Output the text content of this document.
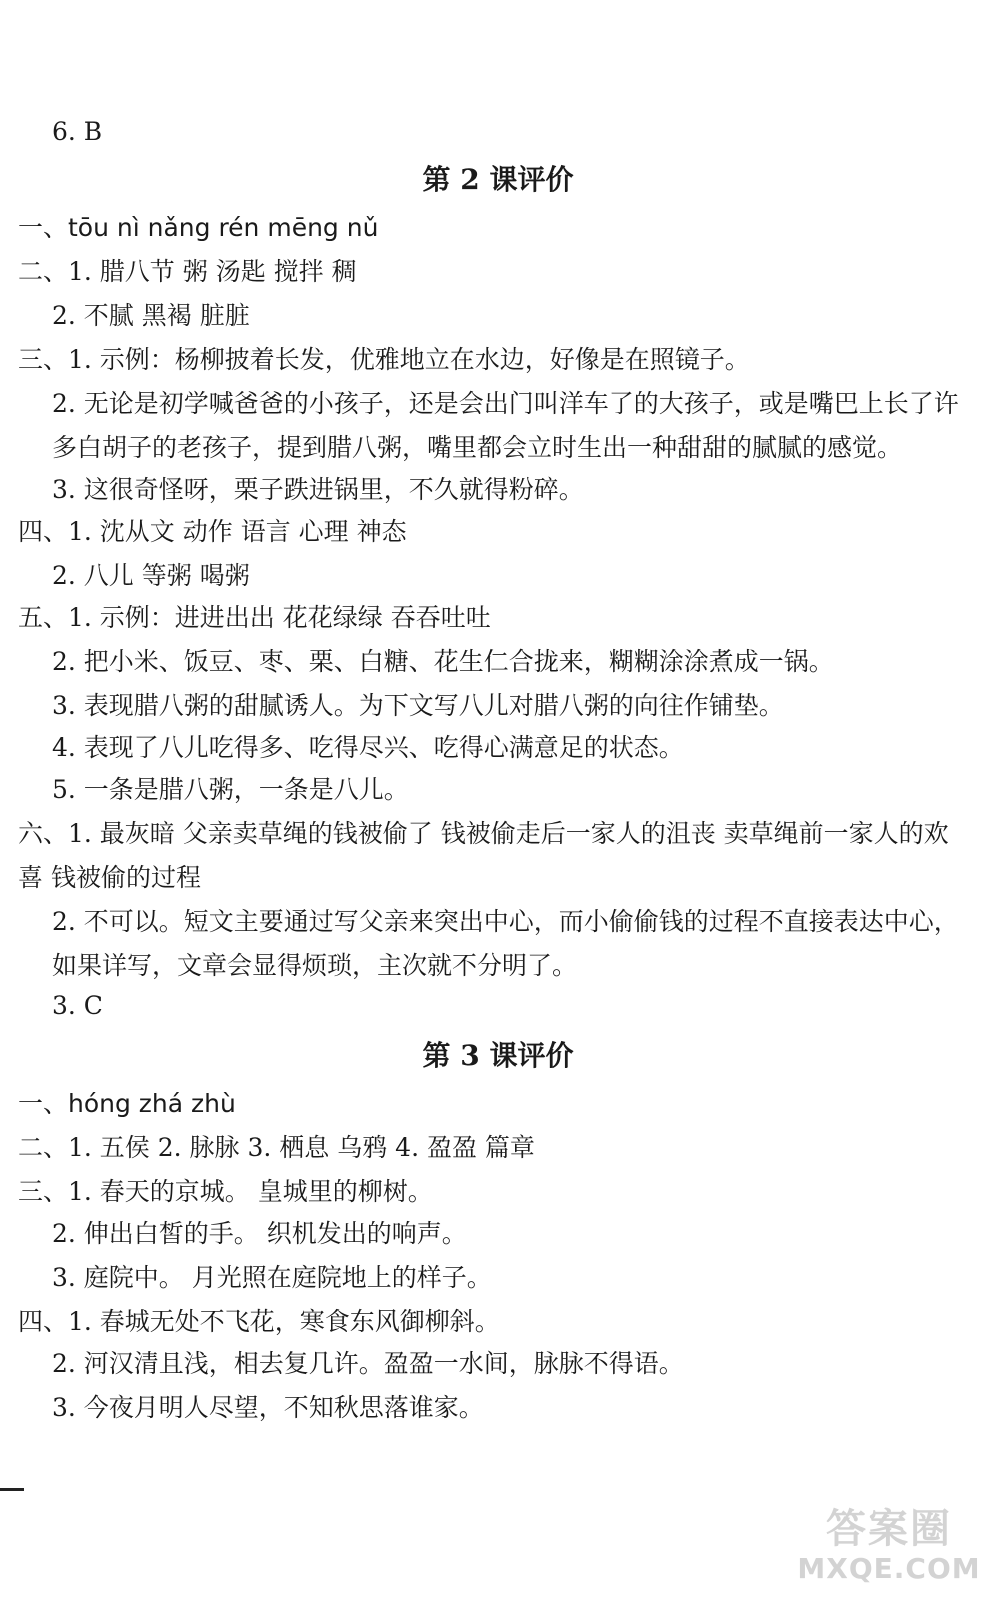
6. B
第 2 课评价
一、tōu nì nǎng rén mēng nǔ
二、1. 腊八节 粥 汤匙 搅拌 稠
2. 不腻 黑褐 脏脏
三、1. 示例：杨柳披着长发，优雅地立在水边，好像是在照镜子。
2. 无论是初学喊爸爸的小孩子，还是会出门叫洋车了的大孩子，或是嘴巴上长了许多白胡子的老孩子，提到腊八粥，嘴里都会立时生出一种甜甜的腻腻的感觉。
3. 这很奇怪呀，栗子跌进锅里，不久就得粉碎。
四、1. 沈从文 动作 语言 心理 神态
2. 八儿 等粥 喝粥
五、1. 示例：进进出出 花花绿绿 吞吞吐吐
2. 把小米、饭豆、枣、栗、白糖、花生仁合拢来，糊糊涂涂煮成一锅。
3. 表现腊八粥的甜腻诱人。为下文写八儿对腊八粥的向往作铺垫。
4. 表现了八儿吃得多、吃得尽兴、吃得心满意足的状态。
5. 一条是腊八粥，一条是八儿。
六、1. 最灰暗 父亲卖草绳的钱被偷了 钱被偷走后一家人的沮丧 卖草绳前一家人的欢喜 钱被偷的过程
2. 不可以。短文主要通过写父亲来突出中心，而小偷偷钱的过程不直接表达中心，如果详写，文章会显得烦琐，主次就不分明了。
3. C
第 3 课评价
一、hóng zhá zhù
二、1. 五侯 2. 脉脉 3. 栖息 乌鸦 4. 盈盈 篇章
三、1. 春天的京城。 皇城里的柳树。
2. 伸出白皙的手。 织机发出的响声。
3. 庭院中。 月光照在庭院地上的样子。
四、1. 春城无处不飞花，寒食东风御柳斜。
2. 河汉清且浅，相去复几许。盈盈一水间，脉脉不得语。
3. 今夜月明人尽望，不知秋思落谁家。
答案圈
MXQE.COM
